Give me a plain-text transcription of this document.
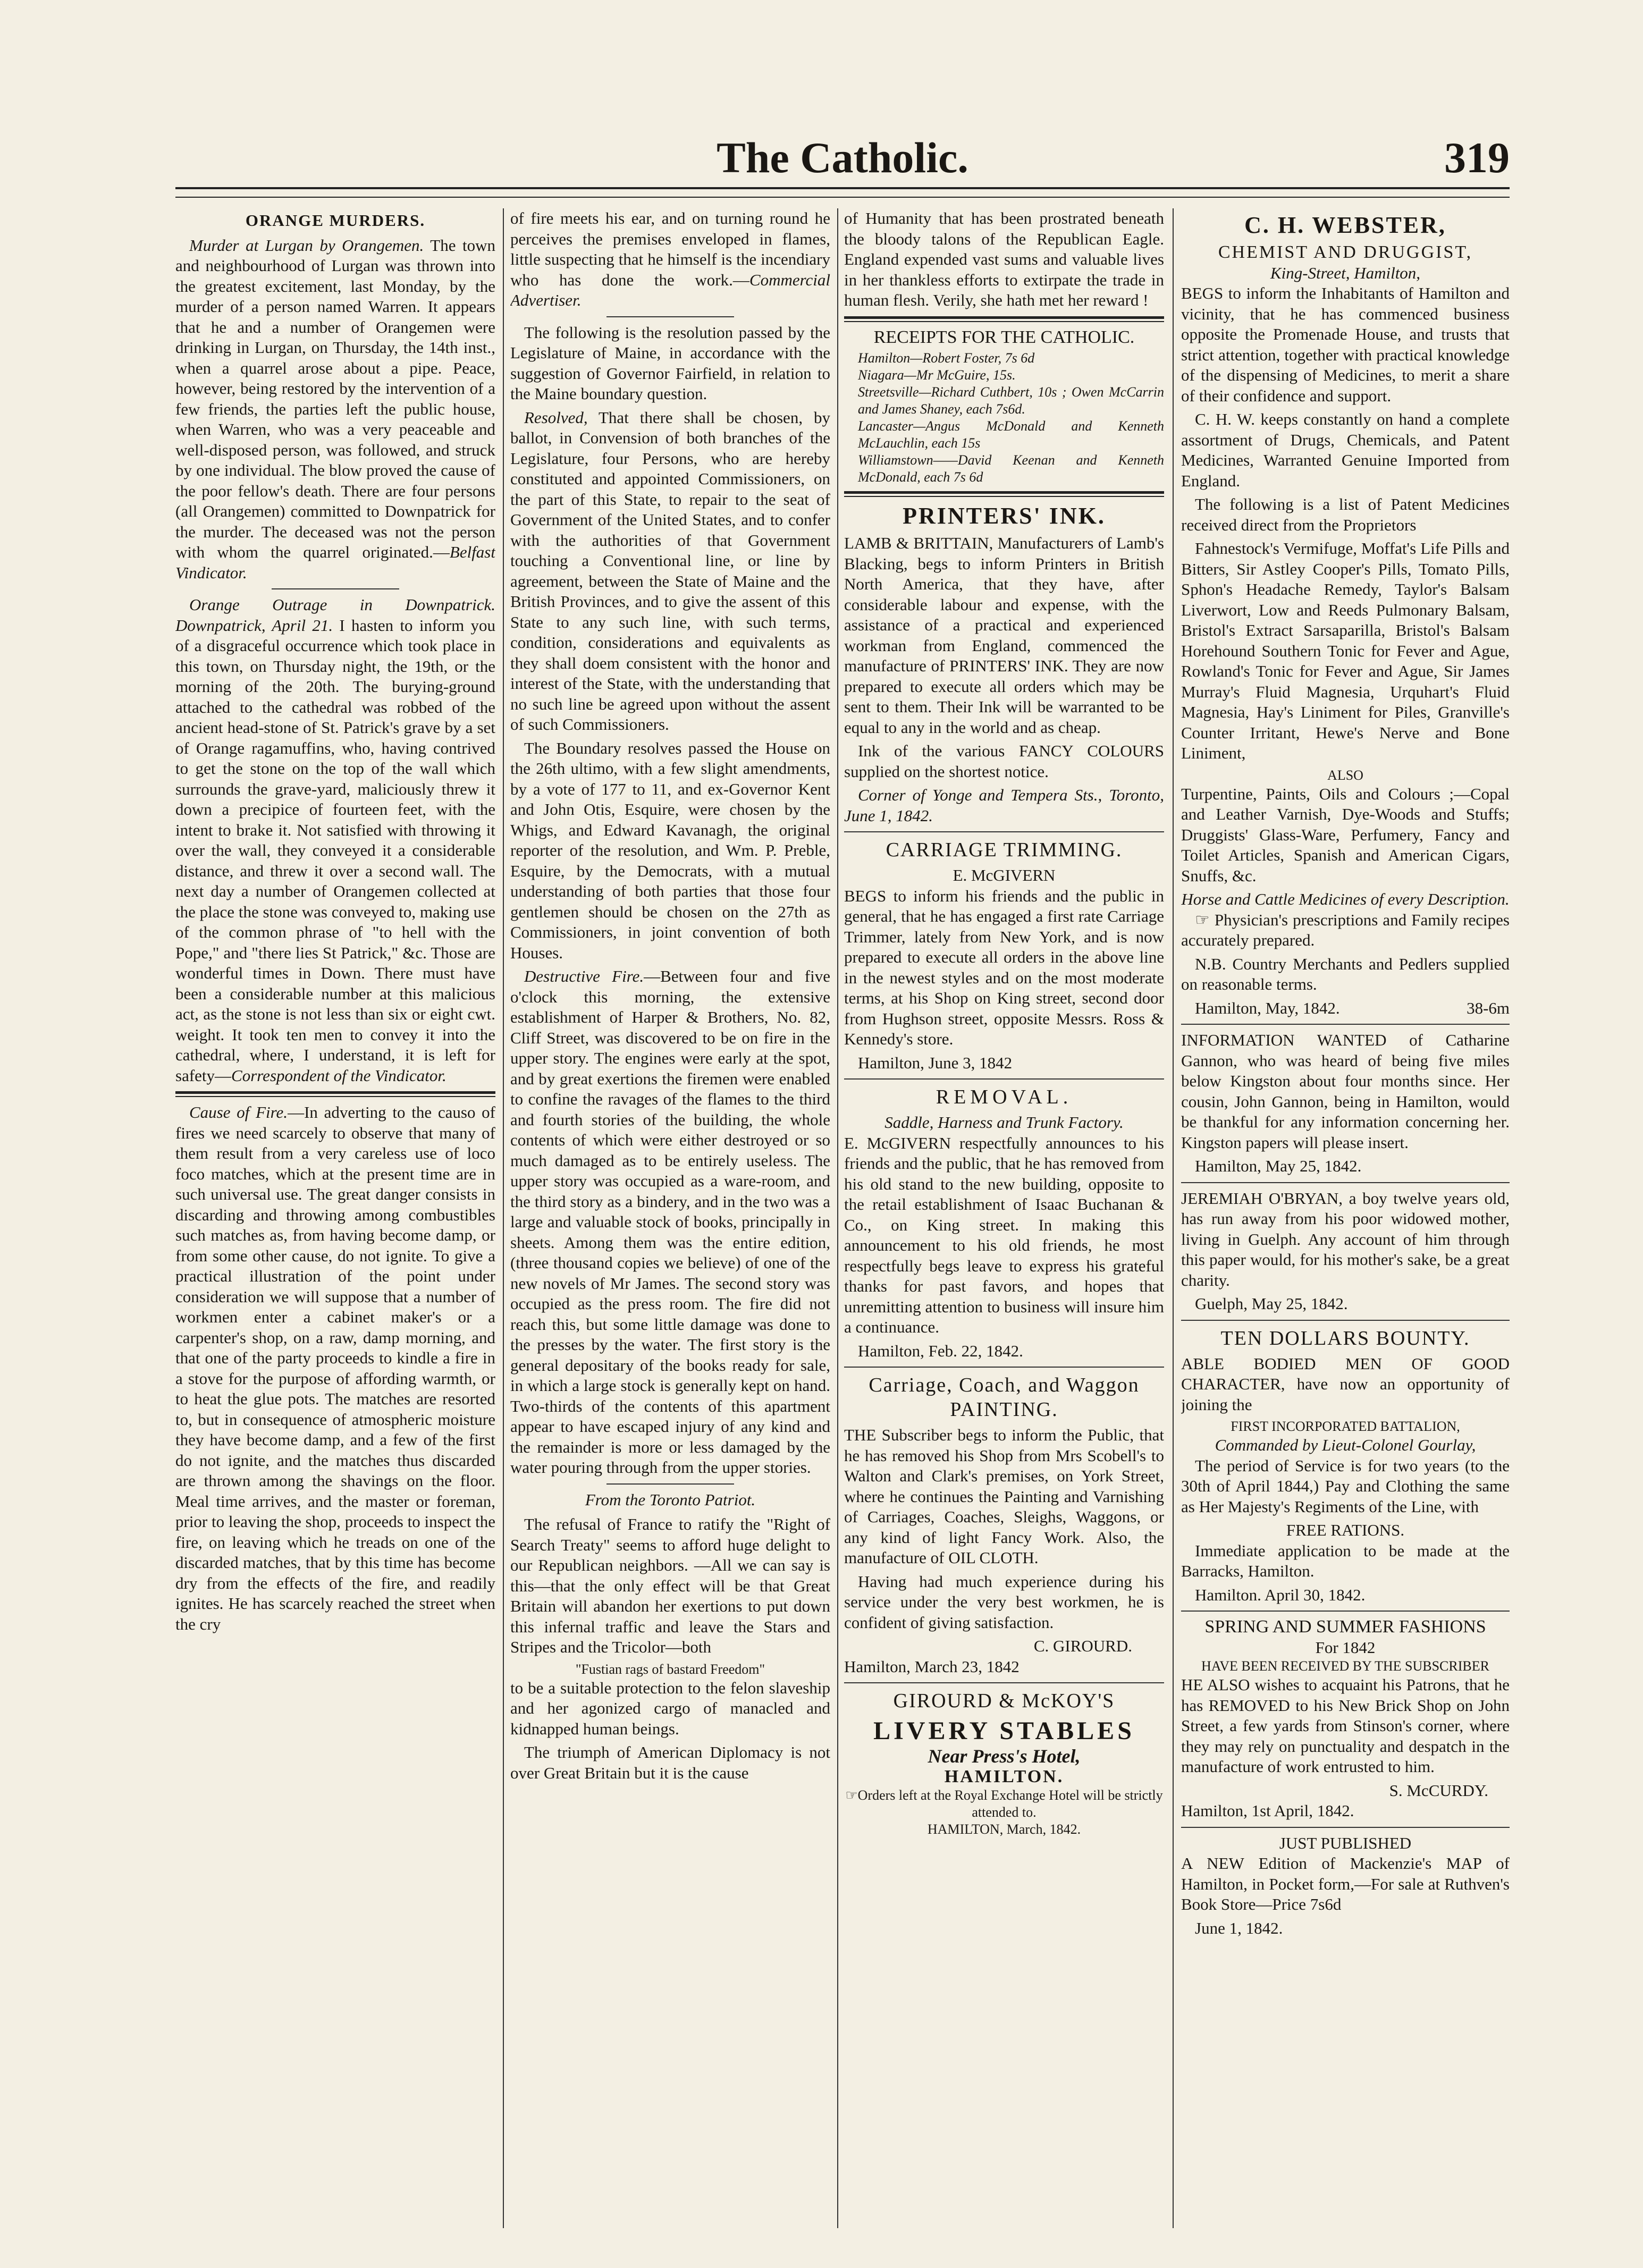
The Catholic.	319
ORANGE MURDERS.

Murder at Lurgan by Orangemen. The town and neighbourhood of Lurgan was thrown into the greatest excitement, last Monday, by the murder of a person named Warren. It appears that he and a number of Orangemen were drinking in Lurgan, on Thursday, the 14th inst., when a quarrel arose about a pipe. Peace, however, being restored by the intervention of a few friends, the parties left the public house, when Warren, who was a very peaceable and well-disposed person, was followed, and struck by one individual. The blow proved the cause of the poor fellow's death. There are four persons (all Orangemen) committed to Downpatrick for the murder. The deceased was not the person with whom the quarrel originated.—Belfast Vindicator.

Orange Outrage in Downpatrick. Downpatrick, April 21. I hasten to inform you of a disgraceful occurrence which took place in this town, on Thursday night, the 19th, or the morning of the 20th. The burying-ground attached to the cathedral was robbed of the ancient head-stone of St. Patrick's grave by a set of Orange ragamuffins, who, having contrived to get the stone on the top of the wall which surrounds the grave-yard, maliciously threw it down a precipice of fourteen feet, with the intent to brake it. Not satisfied with throwing it over the wall, they conveyed it a considerable distance, and threw it over a second wall. The next day a number of Orangemen collected at the place the stone was conveyed to, making use of the common phrase of "to hell with the Pope," and "there lies St Patrick," &c. Those are wonderful times in Down. There must have been a considerable number at this malicious act, as the stone is not less than six or eight cwt. weight. It took ten men to convey it into the cathedral, where, I understand, it is left for safety—Correspondent of the Vindicator.

Cause of Fire.—In adverting to the causo of fires we need scarcely to observe that many of them result from a very careless use of loco foco matches, which at the present time are in such universal use. The great danger consists in discarding and throwing among combustibles such matches as, from having become damp, or from some other cause, do not ignite. To give a practical illustration of the point under consideration we will suppose that a number of workmen enter a cabinet maker's or a carpenter's shop, on a raw, damp morning, and that one of the party proceeds to kindle a fire in a stove for the purpose of affording warmth, or to heat the glue pots. The matches are resorted to, but in consequence of atmospheric moisture they have become damp, and a few of the first do not ignite, and the matches thus discarded are thrown among the shavings on the floor. Meal time arrives, and the master or foreman, prior to leaving the shop, proceeds to inspect the fire, on leaving which he treads on one of the discarded matches, that by this time has become dry from the effects of the fire, and readily ignites. He has scarcely reached the street when the cry

of fire meets his ear, and on turning round he perceives the premises enveloped in flames, little suspecting that he himself is the incendiary who has done the work.—Commercial Advertiser.

The following is the resolution passed by the Legislature of Maine, in accordance with the suggestion of Governor Fairfield, in relation to the Maine boundary question.

Resolved, That there shall be chosen, by ballot, in Convension of both branches of the Legislature, four Persons, who are hereby constituted and appointed Commissioners, on the part of this State, to repair to the seat of Government of the United States, and to confer with the authorities of that Government touching a Conventional line, or line by agreement, between the State of Maine and the British Provinces, and to give the assent of this State to any such line, with such terms, condition, considerations and equivalents as they shall doem consistent with the honor and interest of the State, with the understanding that no such line be agreed upon without the assent of such Commissioners.

The Boundary resolves passed the House on the 26th ultimo, with a few slight amendments, by a vote of 177 to 11, and ex-Governor Kent and John Otis, Esquire, were chosen by the Whigs, and Edward Kavanagh, the original reporter of the resolution, and Wm. P. Preble, Esquire, by the Democrats, with a mutual understanding of both parties that those four gentlemen should be chosen on the 27th as Commissioners, in joint convention of both Houses.

Destructive Fire.—Between four and five o'clock this morning, the extensive establishment of Harper & Brothers, No. 82, Cliff Street, was discovered to be on fire in the upper story. The engines were early at the spot, and by great exertions the firemen were enabled to confine the ravages of the flames to the third and fourth stories of the building, the whole contents of which were either destroyed or so much damaged as to be entirely useless. The upper story was occupied as a ware-room, and the third story as a bindery, and in the two was a large and valuable stock of books, principally in sheets. Among them was the entire edition, (three thousand copies we believe) of one of the new novels of Mr James. The second story was occupied as the press room. The fire did not reach this, but some little damage was done to the presses by the water. The first story is the general depositary of the books ready for sale, in which a large stock is generally kept on hand. Two-thirds of the contents of this apartment appear to have escaped injury of any kind and the remainder is more or less damaged by the water pouring through from the upper stories.

From the Toronto Patriot.

The refusal of France to ratify the "Right of Search Treaty" seems to afford huge delight to our Republican neighbors. —All we can say is this—that the only effect will be that Great Britain will abandon her exertions to put down this infernal traffic and leave the Stars and Stripes and the Tricolor—both

"Fustian rags of bastard Freedom"

to be a suitable protection to the felon slaveship and her agonized cargo of manacled and kidnapped human beings.

The triumph of American Diplomacy is not over Great Britain but it is the cause

of Humanity that has been prostrated beneath the bloody talons of the Republican Eagle. England expended vast sums and valuable lives in her thankless efforts to extirpate the trade in human flesh. Verily, she hath met her reward !

RECEIPTS FOR THE CATHOLIC.
Hamilton—Robert Foster, 7s 6d
Niagara—Mr McGuire, 15s.
Streetsville—Richard Cuthbert, 10s ; Owen McCarrin and James Shaney, each 7s6d.
Lancaster—Angus McDonald and Kenneth McLauchlin, each 15s
Williamstown——David Keenan and Kenneth McDonald, each 7s 6d
PRINTERS' INK.

LAMB & BRITTAIN, Manufacturers of Lamb's Blacking, begs to inform Printers in British North America, that they have, after considerable labour and expense, with the assistance of a practical and experienced workman from England, commenced the manufacture of PRINTERS' INK. They are now prepared to execute all orders which may be sent to them. Their Ink will be warranted to be equal to any in the world and as cheap.

Ink of the various FANCY COLOURS supplied on the shortest notice.

Corner of Yonge and Tempera Sts., Toronto, June 1, 1842.

CARRIAGE TRIMMING.
E. McGIVERN

BEGS to inform his friends and the public in general, that he has engaged a first rate Carriage Trimmer, lately from New York, and is now prepared to execute all orders in the above line in the newest styles and on the most moderate terms, at his Shop on King street, second door from Hughson street, opposite Messrs. Ross & Kennedy's store.

Hamilton, June 3, 1842

REMOVAL.
Saddle, Harness and Trunk Factory.

E. McGIVERN respectfully announces to his friends and the public, that he has removed from his old stand to the new building, opposite to the retail establishment of Isaac Buchanan & Co., on King street. In making this announcement to his old friends, he most respectfully begs leave to express his grateful thanks for past favors, and hopes that unremitting attention to business will insure him a continuance.

Hamilton, Feb. 22, 1842.

Carriage, Coach, and Waggon PAINTING.

THE Subscriber begs to inform the Public, that he has removed his Shop from Mrs Scobell's to Walton and Clark's premises, on York Street, where he continues the Painting and Varnishing of Carriages, Coaches, Sleighs, Waggons, or any kind of light Fancy Work. Also, the manufacture of OIL CLOTH.

Having had much experience during his service under the very best workmen, he is confident of giving satisfaction.

C. GIROURD.
Hamilton, March 23, 1842
GIROURD & McKOY'S
LIVERY STABLES
Near Press's Hotel,
HAMILTON.
☞Orders left at the Royal Exchange Hotel will be strictly attended to.
HAMILTON, March, 1842.
C. H. WEBSTER,
CHEMIST AND DRUGGIST,
King-Street, Hamilton,

BEGS to inform the Inhabitants of Hamilton and vicinity, that he has commenced business opposite the Promenade House, and trusts that strict attention, together with practical knowledge of the dispensing of Medicines, to merit a share of their confidence and support.

C. H. W. keeps constantly on hand a complete assortment of Drugs, Chemicals, and Patent Medicines, Warranted Genuine Imported from England.

The following is a list of Patent Medicines received direct from the Proprietors

Fahnestock's Vermifuge, Moffat's Life Pills and Bitters, Sir Astley Cooper's Pills, Tomato Pills, Sphon's Headache Remedy, Taylor's Balsam Liverwort, Low and Reeds Pulmonary Balsam, Bristol's Extract Sarsaparilla, Bristol's Balsam Horehound Southern Tonic for Fever and Ague, Rowland's Tonic for Fever and Ague, Sir James Murray's Fluid Magnesia, Urquhart's Fluid Magnesia, Hay's Liniment for Piles, Granville's Counter Irritant, Hewe's Nerve and Bone Liniment,

ALSO

Turpentine, Paints, Oils and Colours ;—Copal and Leather Varnish, Dye-Woods and Stuffs; Druggists' Glass-Ware, Perfumery, Fancy and Toilet Articles, Spanish and American Cigars, Snuffs, &c.

Horse and Cattle Medicines of every Description.

☞ Physician's prescriptions and Family recipes accurately prepared.

N.B. Country Merchants and Pedlers supplied on reasonable terms.

Hamilton, May, 1842.	38-6m

INFORMATION WANTED of Catharine Gannon, who was heard of being five miles below Kingston about four months since. Her cousin, John Gannon, being in Hamilton, would be thankful for any information concerning her. Kingston papers will please insert.

Hamilton, May 25, 1842.

JEREMIAH O'BRYAN, a boy twelve years old, has run away from his poor widowed mother, living in Guelph. Any account of him through this paper would, for his mother's sake, be a great charity.

Guelph, May 25, 1842.

TEN DOLLARS BOUNTY.

ABLE BODIED MEN OF GOOD CHARACTER, have now an opportunity of joining the

FIRST INCORPORATED BATTALION,
Commanded by Lieut-Colonel Gourlay,

The period of Service is for two years (to the 30th of April 1844,) Pay and Clothing the same as Her Majesty's Regiments of the Line, with

FREE RATIONS.

Immediate application to be made at the Barracks, Hamilton.

Hamilton. April 30, 1842.

SPRING AND SUMMER FASHIONS
For 1842
HAVE BEEN RECEIVED BY THE SUBSCRIBER

HE ALSO wishes to acquaint his Patrons, that he has REMOVED to his New Brick Shop on John Street, a few yards from Stinson's corner, where they may rely on punctuality and despatch in the manufacture of work entrusted to him.

S. McCURDY.
Hamilton, 1st April, 1842.
JUST PUBLISHED

A NEW Edition of Mackenzie's MAP of Hamilton, in Pocket form,—For sale at Ruthven's Book Store—Price 7s6d

June 1, 1842.
